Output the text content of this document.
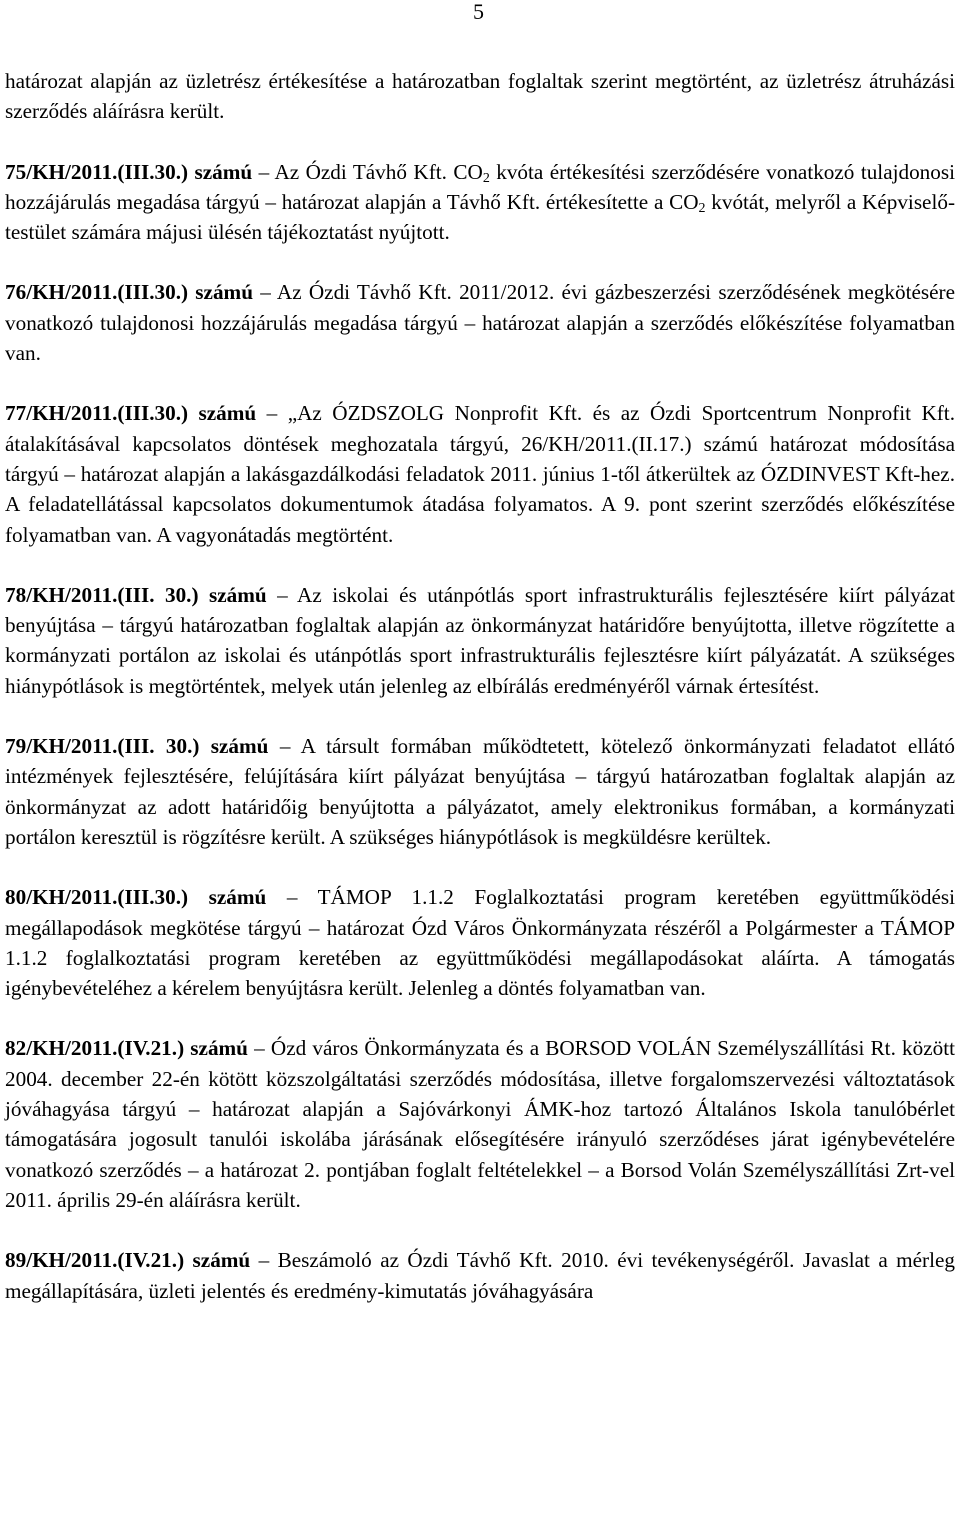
5

határozat alapján az üzletrész értékesítése a határozatban foglaltak szerint megtörtént, az üzletrész átruházási szerződés aláírásra került.

75/KH/2011.(III.30.) számú – Az Ózdi Távhő Kft. $CO_2$ kvóta értékesítési szerződésére vonatkozó tulajdonosi hozzájárulás megadása tárgyú – határozat alapján a Távhő Kft. értékesítette a $CO_2$ kvótát, melyről a Képviselő-testület számára májusi ülésén tájékoztatást nyújtott.

76/KH/2011.(III.30.) számú – Az Ózdi Távhő Kft. 2011/2012. évi gázbeszerzési szerződésének megkötésére vonatkozó tulajdonosi hozzájárulás megadása tárgyú – határozat alapján a szerződés előkészítése folyamatban van.

77/KH/2011.(III.30.) számú – „Az ÓZDSZOLG Nonprofit Kft. és az Ózdi Sportcentrum Nonprofit Kft. átalakításával kapcsolatos döntések meghozatala tárgyú, 26/KH/2011.(II.17.) számú határozat módosítása tárgyú – határozat alapján a lakásgazdálkodási feladatok 2011. június 1-től átkerültek az ÓZDINVEST Kft-hez. A feladatellátással kapcsolatos dokumentumok átadása folyamatos. A 9. pont szerint szerződés előkészítése folyamatban van. A vagyonátadás megtörtént.

78/KH/2011.(III. 30.) számú – Az iskolai és utánpótlás sport infrastrukturális fejlesztésére kiírt pályázat benyújtása – tárgyú határozatban foglaltak alapján az önkormányzat határidőre benyújtotta, illetve rögzítette a kormányzati portálon az iskolai és utánpótlás sport infrastrukturális fejlesztésre kiírt pályázatát. A szükséges hiánypótlások is megtörténtek, melyek után jelenleg az elbírálás eredményéről várnak értesítést.

79/KH/2011.(III. 30.) számú – A társult formában működtetett, kötelező önkormányzati feladatot ellátó intézmények fejlesztésére, felújítására kiírt pályázat benyújtása – tárgyú határozatban foglaltak alapján az önkormányzat az adott határidőig benyújtotta a pályázatot, amely elektronikus formában, a kormányzati portálon keresztül is rögzítésre került. A szükséges hiánypótlások is megküldésre kerültek.

80/KH/2011.(III.30.) számú – TÁMOP 1.1.2 Foglalkoztatási program keretében együttműködési megállapodások megkötése tárgyú – határozat Ózd Város Önkormányzata részéről a Polgármester a TÁMOP 1.1.2 foglalkoztatási program keretében az együttműködési megállapodásokat aláírta. A támogatás igénybevételéhez a kérelem benyújtásra került. Jelenleg a döntés folyamatban van.

82/KH/2011.(IV.21.) számú – Ózd város Önkormányzata és a BORSOD VOLÁN Személyszállítási Rt. között 2004. december 22-én kötött közszolgáltatási szerződés módosítása, illetve forgalomszervezési változtatások jóváhagyása tárgyú – határozat alapján a Sajóvárkonyi ÁMK-hoz tartozó Általános Iskola tanulóbérlet támogatására jogosult tanulói iskolába járásának elősegítésére irányuló szerződéses járat igénybevételére vonatkozó szerződés – a határozat 2. pontjában foglalt feltételekkel – a Borsod Volán Személyszállítási Zrt-vel 2011. április 29-én aláírásra került.

89/KH/2011.(IV.21.) számú – Beszámoló az Ózdi Távhő Kft. 2010. évi tevékenységéről. Javaslat a mérleg megállapítására, üzleti jelentés és eredmény-kimutatás jóváhagyására
